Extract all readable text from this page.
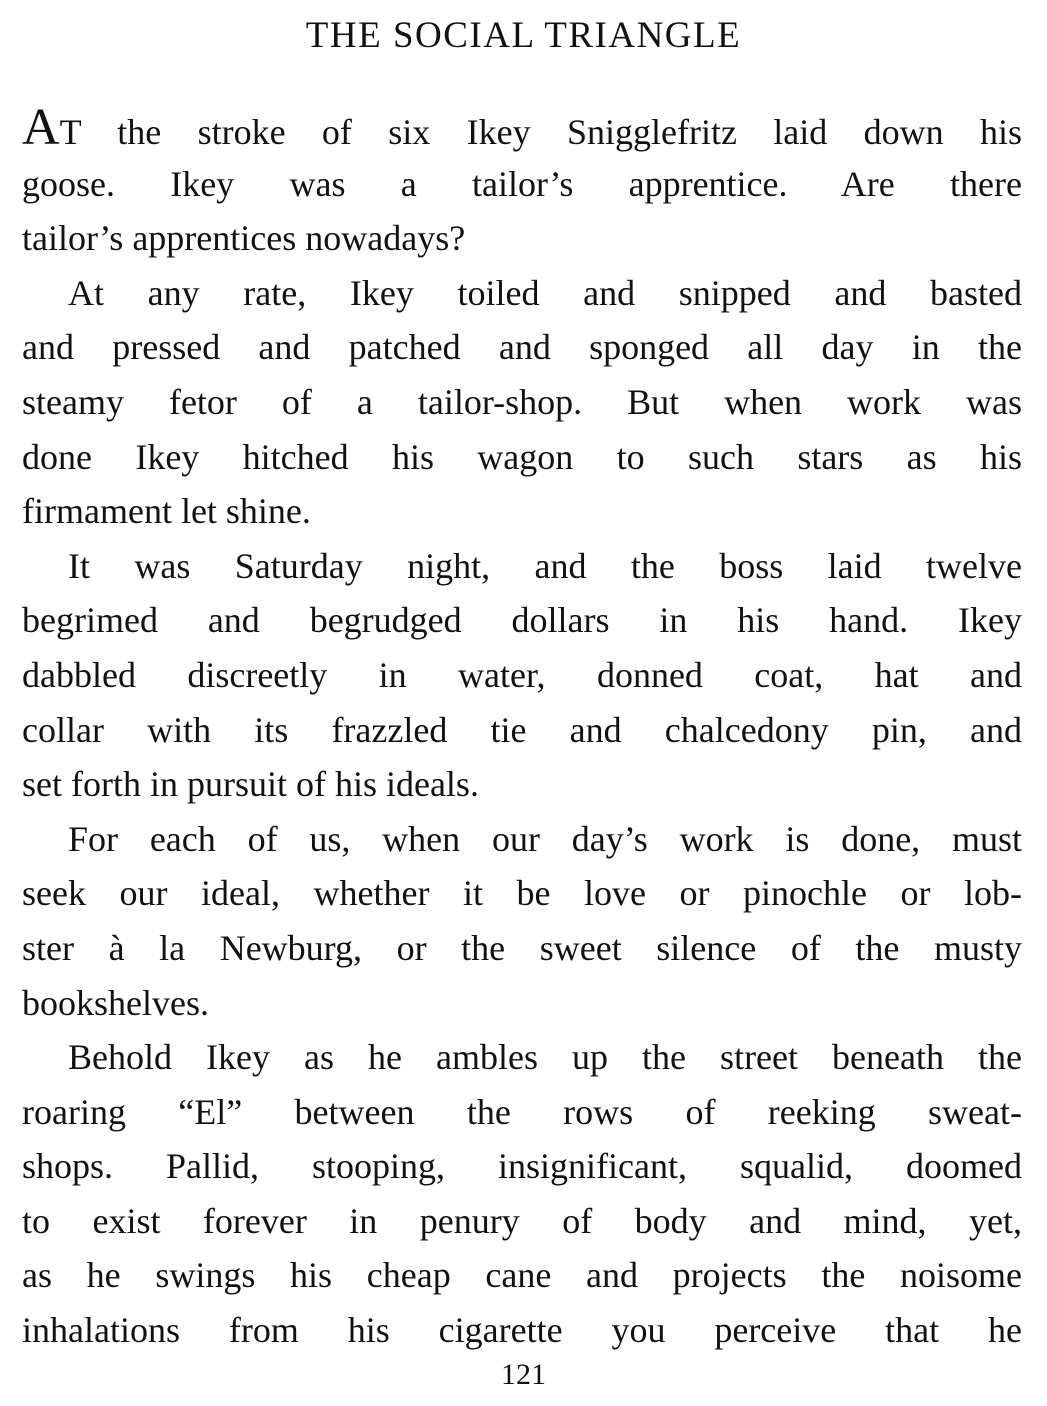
THE SOCIAL TRIANGLE
AT the stroke of six Ikey Snigglefritz laid down his
goose. Ikey was a tailor’s apprentice. Are there
tailor’s apprentices nowadays?
At any rate, Ikey toiled and snipped and basted
and pressed and patched and sponged all day in the
steamy fetor of a tailor-shop. But when work was
done Ikey hitched his wagon to such stars as his
firmament let shine.
It was Saturday night, and the boss laid twelve
begrimed and begrudged dollars in his hand. Ikey
dabbled discreetly in water, donned coat, hat and
collar with its frazzled tie and chalcedony pin, and
set forth in pursuit of his ideals.
For each of us, when our day’s work is done, must
seek our ideal, whether it be love or pinochle or lob-
ster à la Newburg, or the sweet silence of the musty
bookshelves.
Behold Ikey as he ambles up the street beneath the
roaring “El” between the rows of reeking sweat-
shops. Pallid, stooping, insignificant, squalid, doomed
to exist forever in penury of body and mind, yet,
as he swings his cheap cane and projects the noisome
inhalations from his cigarette you perceive that he
121
